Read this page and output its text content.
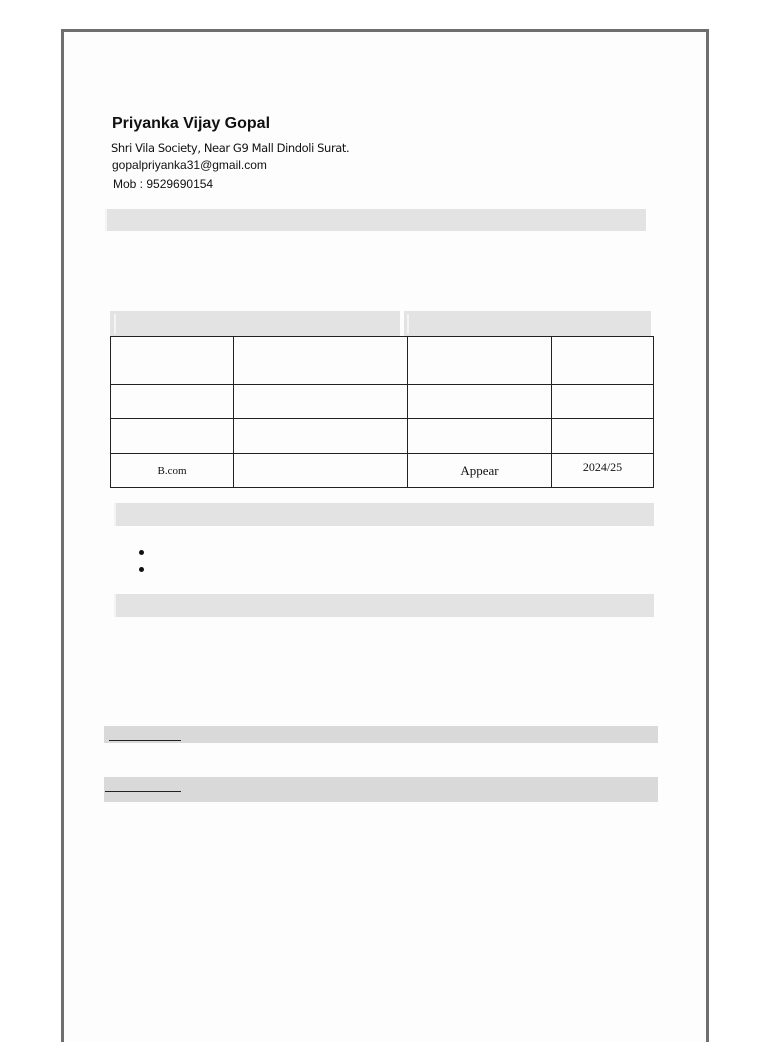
Priyanka Vijay Gopal
Shri Vila Society, Near G9 Mall Dindoli Surat.
gopalpriyanka31@gmail.com
Mob : 9529690154

B.com		Appear	2024/25
